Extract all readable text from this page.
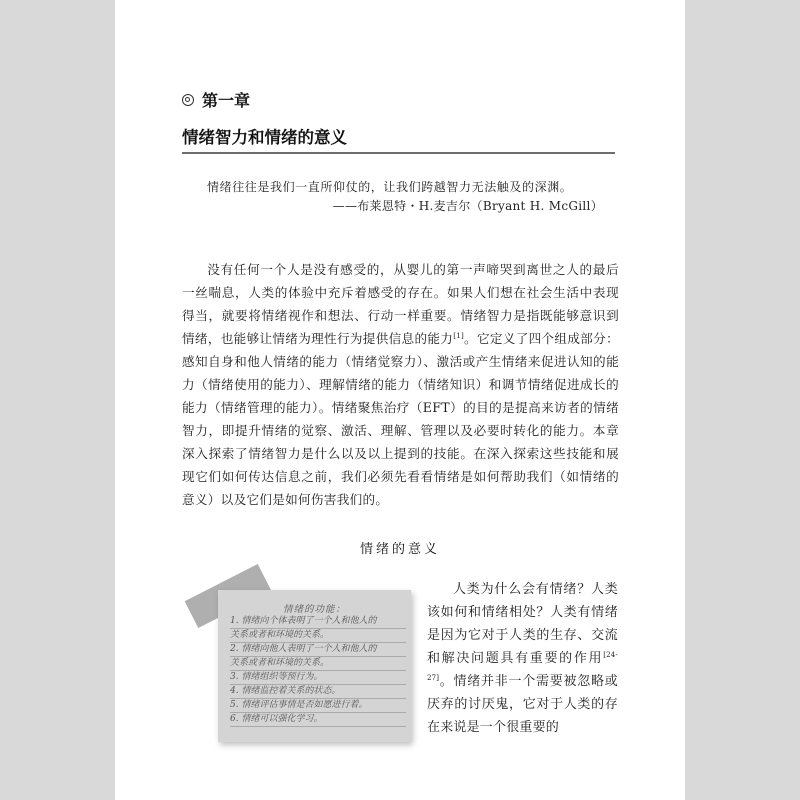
第一章
情绪智力和情绪的意义
情绪往往是我们一直所仰仗的，让我们跨越智力无法触及的深渊。
——布莱恩特・H.麦吉尔（Bryant H. McGill）

没有任何一个人是没有感受的，从婴儿的第一声啼哭到离世之人的最后一丝喘息，人类的体验中充斥着感受的存在。如果人们想在社会生活中表现得当，就要将情绪视作和想法、行动一样重要。情绪智力是指既能够意识到情绪，也能够让情绪为理性行为提供信息的能力[1]。它定义了四个组成部分：感知自身和他人情绪的能力（情绪觉察力）、激活或产生情绪来促进认知的能力（情绪使用的能力）、理解情绪的能力（情绪知识）和调节情绪促进成长的能力（情绪管理的能力）。情绪聚焦治疗（EFT）的目的是提高来访者的情绪智力，即提升情绪的觉察、激活、理解、管理以及必要时转化的能力。本章深入探索了情绪智力是什么以及以上提到的技能。在深入探索这些技能和展现它们如何传达信息之前，我们必须先看看情绪是如何帮助我们（如情绪的意义）以及它们是如何伤害我们的。

情绪的意义
情绪的功能：
1. 情绪向个体表明了一个人和他人的
关系或者和环境的关系。
2. 情绪向他人表明了一个人和他人的
关系或者和环境的关系。
3. 情绪组织等预行为。
4. 情绪监控着关系的状态。
5. 情绪评估事情是否如愿进行着。
6. 情绪可以强化学习。

人类为什么会有情绪？人类该如何和情绪相处？人类有情绪是因为它对于人类的生存、交流和解决问题具有重要的作用[24-27]。情绪并非一个需要被忽略或厌弃的讨厌鬼，它对于人类的存在来说是一个很重要的
